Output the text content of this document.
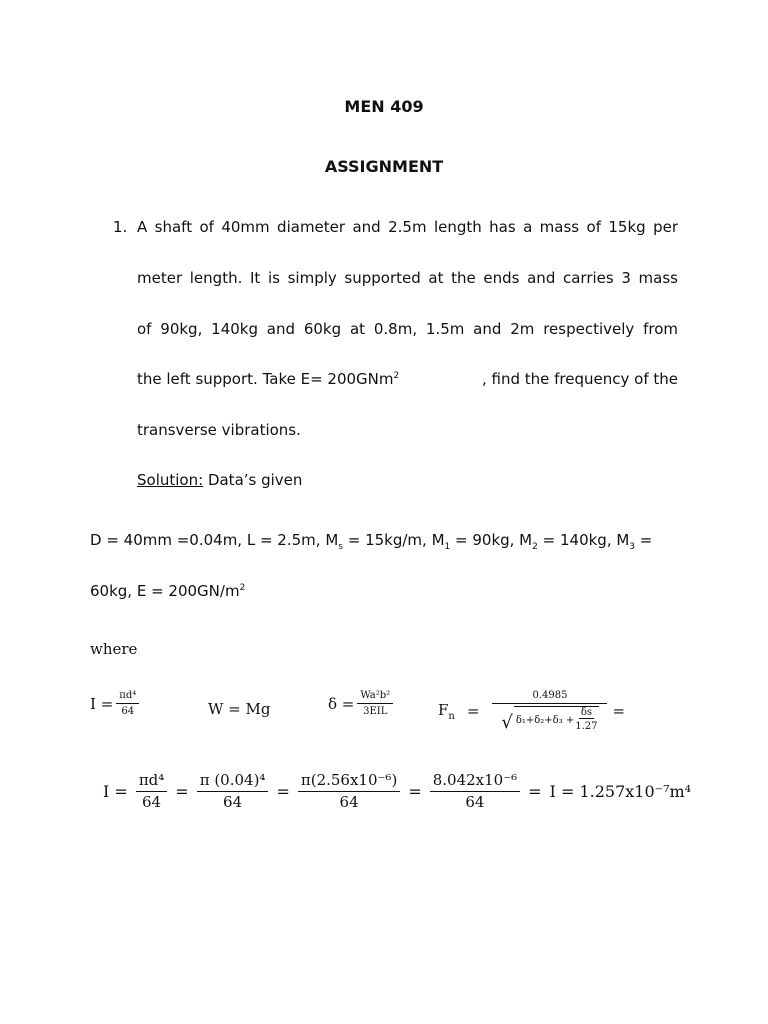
MEN 409
ASSIGNMENT
1. A shaft of 40mm diameter and 2.5m length has a mass of 15kg per
meter length. It is simply supported at the ends and carries 3 mass
of 90kg, 140kg and 60kg at 0.8m, 1.5m and 2m respectively from
the left support. Take E= 200GNm$^2$	, find the frequency of the
transverse vibrations.
Solution: Data’s given
D = 40mm =0.04m, L = 2.5m, $M_s = 15kg/m$, $M_1 = 90kg$, $M_2 = 140kg$, $M_3$ =
60kg, $E = 200GN/m^2$
where
$I = \frac{\text{πd⁴}}{64}$	W = Mg	$\delta = \frac{\text{Wa²b²}}{\text{3EIL}}$	$F_n = \frac{0.4985}{√ \delta_1+\delta_2+\delta_3 + \frac{\delta s}{1.27}}$ =
$I = \frac{\text{πd⁴}}{64} = \frac{\text{π (0.04)⁴}}{64} = \frac{\text{π(2.56x10⁻⁶)}}{64} = \frac{\text{8.042x10⁻⁶}}{64} = I = 1.257x10^{-7}m^4$
